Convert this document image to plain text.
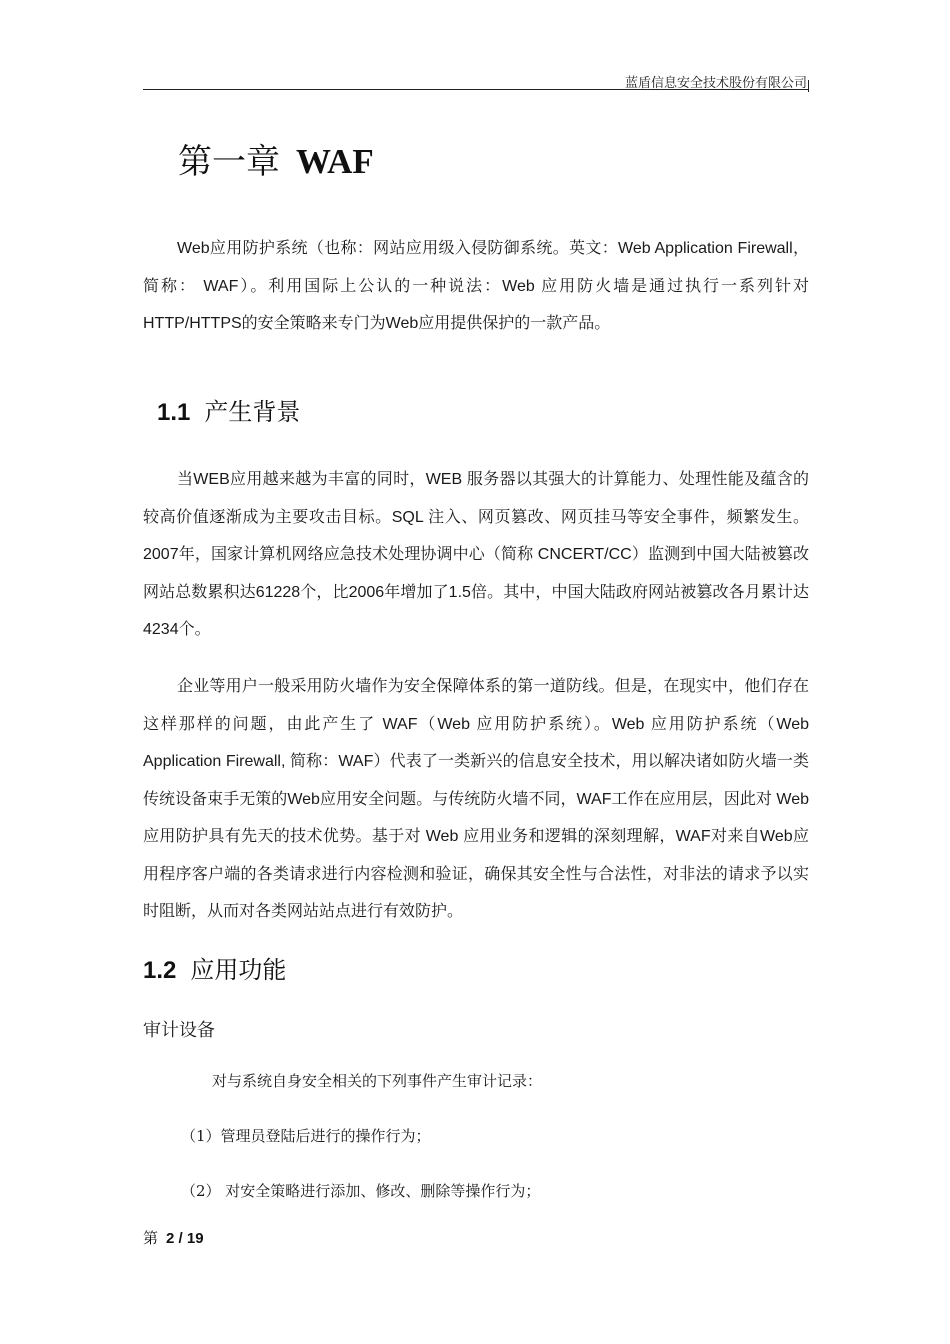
蓝盾信息安全技术股份有限公司
第一章 WAF
Web应用防护系统（也称：网站应用级入侵防御系统。英文：Web Application Firewall，简称： WAF）。利用国际上公认的一种说法：Web 应用防火墙是通过执行一系列针对HTTP/HTTPS的安全策略来专门为Web应用提供保护的一款产品。
1.1 产生背景
当WEB应用越来越为丰富的同时，WEB 服务器以其强大的计算能力、处理性能及蕴含的较高价值逐渐成为主要攻击目标。SQL 注入、网页篡改、网页挂马等安全事件，频繁发生。2007年，国家计算机网络应急技术处理协调中心（简称 CNCERT/CC）监测到中国大陆被篡改网站总数累积达61228个，比2006年增加了1.5倍。其中，中国大陆政府网站被篡改各月累计达4234个。
企业等用户一般采用防火墙作为安全保障体系的第一道防线。但是，在现实中，他们存在这样那样的问题，由此产生了 WAF（Web 应用防护系统）。Web 应用防护系统（Web Application Firewall, 简称：WAF）代表了一类新兴的信息安全技术，用以解决诸如防火墙一类传统设备束手无策的Web应用安全问题。与传统防火墙不同，WAF工作在应用层，因此对 Web 应用防护具有先天的技术优势。基于对 Web 应用业务和逻辑的深刻理解，WAF对来自Web应用程序客户端的各类请求进行内容检测和验证，确保其安全性与合法性，对非法的请求予以实时阻断，从而对各类网站站点进行有效防护。
1.2 应用功能
审计设备
对与系统自身安全相关的下列事件产生审计记录：
（1）管理员登陆后进行的操作行为；
（2） 对安全策略进行添加、修改、删除等操作行为；
第 2 / 19
